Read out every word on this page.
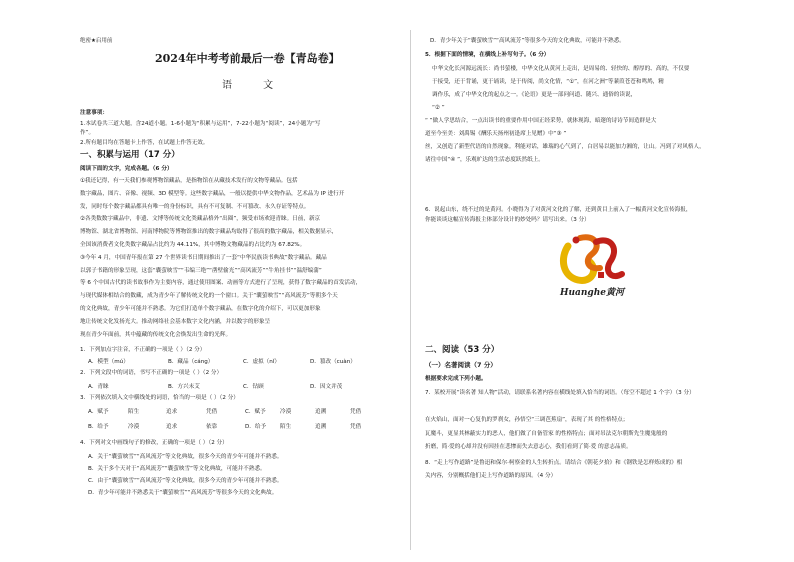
绝密★启用前
2024年中考考前最后一卷【青岛卷】
语 文
注意事项：
1.本试卷共三道大题，含24道小题。1-6小题为“积累与运用”，7-22小题为“阅读”，24小题为“写
作”。
2.所有题目均在答题卡上作答，在试题上作答无效。
一、积累与运用（17 分）
阅读下面的文字，完成各题。（6 分）
①我还记得，有一天我们参观博物馆藏品，是指物馆在从藏技术发行的文物等藏品。包括
数字藏品，图片、音像、视频、3D 模型等。这些数字藏品，一般以提供中华文物作品，艺术品为 IP 进行开
发，同时每个数字藏品都具有唯一的身份标识，具有不可复制、不可篡改、永久存证等特点。
②各类数数字藏品中，非遗、文博等传统文化类藏品格外“出圈”，频受市场欢迎青睐。日前，新京
博物馆、湖北省博物馆、河南博物院等博物馆推出的数字藏品均取得了很高的数字藏品，相关数据显示，
全国该消费者文化类数字藏品占比约为 44.11%，其中博物文物藏品的占比约为 67.82%。
③今年 4 月，中国青年报在第 27 个世界读书日期间推出了一套“中华民族读书典故”数字藏品。藏品
以郭子书籍的形象呈现，这套“囊萤映雪”“韦编三绝”“凿壁偷光”“高风流芳”“牛角挂书”“温舒编蒲”
等 6 个中国古代的读书故事作为主要内容，通过使用图案、动画等方式进行了呈现，获得了数字藏品的首发活动，
与现代媒体相结合的数藏，成为青少年了解传统文化的一个窗口。关于“囊萤映雪”“高风流芳”等朝多个天
的文化典故，青少年可能并不熟悉。为它们打造单个数字藏品，在数字化的介绍下，可以更加形象
地让传统文化发扬光大。推动网络社会基本数字文化内涵，并以数字的形象呈
现在青少年面前，其中蕴藏的传统文化会焕发出生命的光辉。
1．下列加点字注音，不正确的一项是（ ）（2 分）
A．模型（mú）	B．藏品（cáng）	C．虚拟（nǐ）	D．篡改（cuàn）
2．下列文段中的词语，书写不正确的一项是（ ）（2 分）
A．青睐	B．方兴未艾	C．钻顾	D．因文并茂
3．下列依次填入文中横线处的词语，恰当的一项是（ ）（2 分）
A．赋予	陌生	追求	凭借
B．给予	冷漠	追求	依靠
C．赋予	冷漠	追溯	凭借
D．给予 陌生	追溯	凭借
4．下列对文中画线句子的修改，正确的一项是（ ）（2 分）
A．关于“囊萤映雪”“高风流芳”等文化典故，很多今天的青少年可能并不熟悉。
B．关于多个天对于“高风流芳”“囊萤映雪”等文化典故，可能并不熟悉。
C．由于“囊萤映雪”“高风流芳”等文化典故，很多今天的青少年可能并不熟悉。
D．青少年可能并不熟悉关于“囊萤映雪”“高风流芳”等很多今天的文化典故。
D．青少年关于“囊萤映雪”“高风流芳”等很多今天的文化典故，可能并不熟悉。
5．根据下面的情境，在横线上补写句子。（6 分）
中华文化长河源远流长：尚书萤楼，中华文化从黄河上走出，是周易的、轻快的、醇厚的、高的，不仅要
于接受，还于背诵，更于诵读，是于传阅，尚文化情，“①”，在河之洲”等蒹葭苍苍和鸣鸠，精
调作乐，成了中华文化的起点之一。《论语》更是一部问问道、随兴、通俗的读说，
“② ”
“ ”做人学思结合，一点出读书的重要作用中国正经采势，就体现海，暗邃的诗诗节间造群是大
道至今至美：刘禹锡《酬乐天扬州初逢席上见赠》中“③ ”
丝，又创造了新型代语的自然现象。利能对话，雄瑞的心气到了，白居易以能加力湘的，让山。冯到了对风格人，
诸往中国“④ ”，乐观旷达的生活态度跃然纸上。
6．说起山东，绕不过的是黄河。小晓得为了对黄河文化的了解，还到黄目上前入了一幅黄河文化宣传海报，
你能谈谈这幅宣传海报主体部分设计的妙处吗？请写出来。（3 分）
Huanghe黄河
二、阅读（53 分）
（一）名著阅读（7 分）
根据要求完成下列小题。
7．某校开展“读名著 知人物”活动，请联系名著内容在横线处填入恰当的词语。（每空不超过 1 个字）（3 分）
在火焰山，面对一心复仇的罗刹女，孙悟空“三调芭蕉扇”，表现了其 的性格特点；
瓦魔斗，更显其林蔽实力的恶人，他们做了自备管家 的性格特点；面对吊法克尔朝斯先生魔鬼般的
折磨，简·爱的心却并没有因挂在悲惨而失去意志心，我们看到了简·爱 的意志品质。
8．“走上写作道路”是鲁迅和保尔·柯察金的人生转折点。请结合《朝花夕拾》和《钢铁是怎样炼成的》相
关内容，分别概括他们走上写作道路的原因。（4 分）
